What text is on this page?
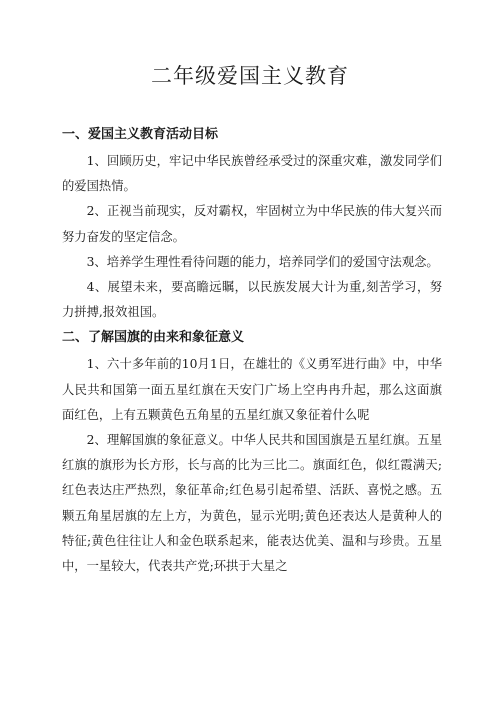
二年级爱国主义教育
一、爱国主义教育活动目标

1、回顾历史，牢记中华民族曾经承受过的深重灾难，激发同学们的爱国热情。

2、正视当前现实，反对霸权，牢固树立为中华民族的伟大复兴而努力奋发的坚定信念。

3、培养学生理性看待问题的能力，培养同学们的爱国守法观念。

4、展望未来，要高瞻远瞩，以民族发展大计为重,刻苦学习，努力拼搏,报效祖国。

二、了解国旗的由来和象征意义

1、六十多年前的10月1日，在雄壮的《义勇军进行曲》中，中华人民共和国第一面五星红旗在天安门广场上空冉冉升起，那么这面旗面红色，上有五颗黄色五角星的五星红旗又象征着什么呢

2、理解国旗的象征意义。中华人民共和国国旗是五星红旗。五星红旗的旗形为长方形，长与高的比为三比二。旗面红色，似红霞满天;红色表达庄严热烈，象征革命;红色易引起希望、活跃、喜悦之感。五颗五角星居旗的左上方，为黄色，显示光明;黄色还表达人是黄种人的特征;黄色往往让人和金色联系起来，能表达优美、温和与珍贵。五星中，一星较大，代表共产党;环拱于大星之
